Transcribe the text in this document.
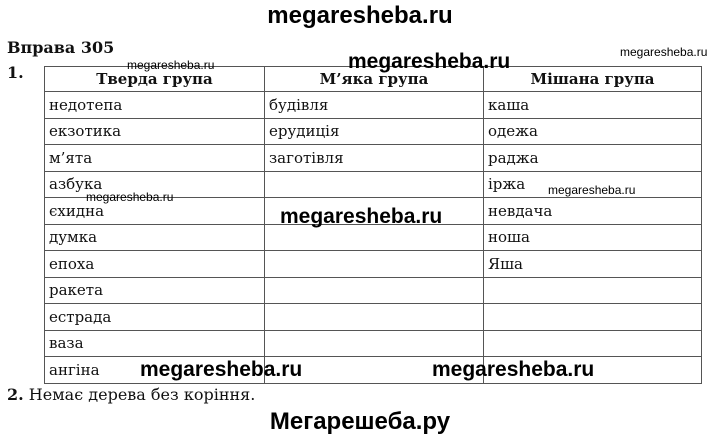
megaresheba.ru
Вправа 305
1.	Тверда група	М’яка група	Мішана група
недотепа	будівля	каша
екзотика	ерудиція	одежа
м’ята	заготівля	раджа
азбука		іржа
єхидна		невдача
думка		ноша
епоха		Яша
ракета		
естрада		
ваза		
ангіна		
2. Немає дерева без коріння.
megaresheba.ru	megaresheba.ru	megaresheba.ru
megaresheba.ru
megaresheba.ru
megaresheba.ru
megaresheba.ru	megaresheba.ru
Мегарешеба.ру
